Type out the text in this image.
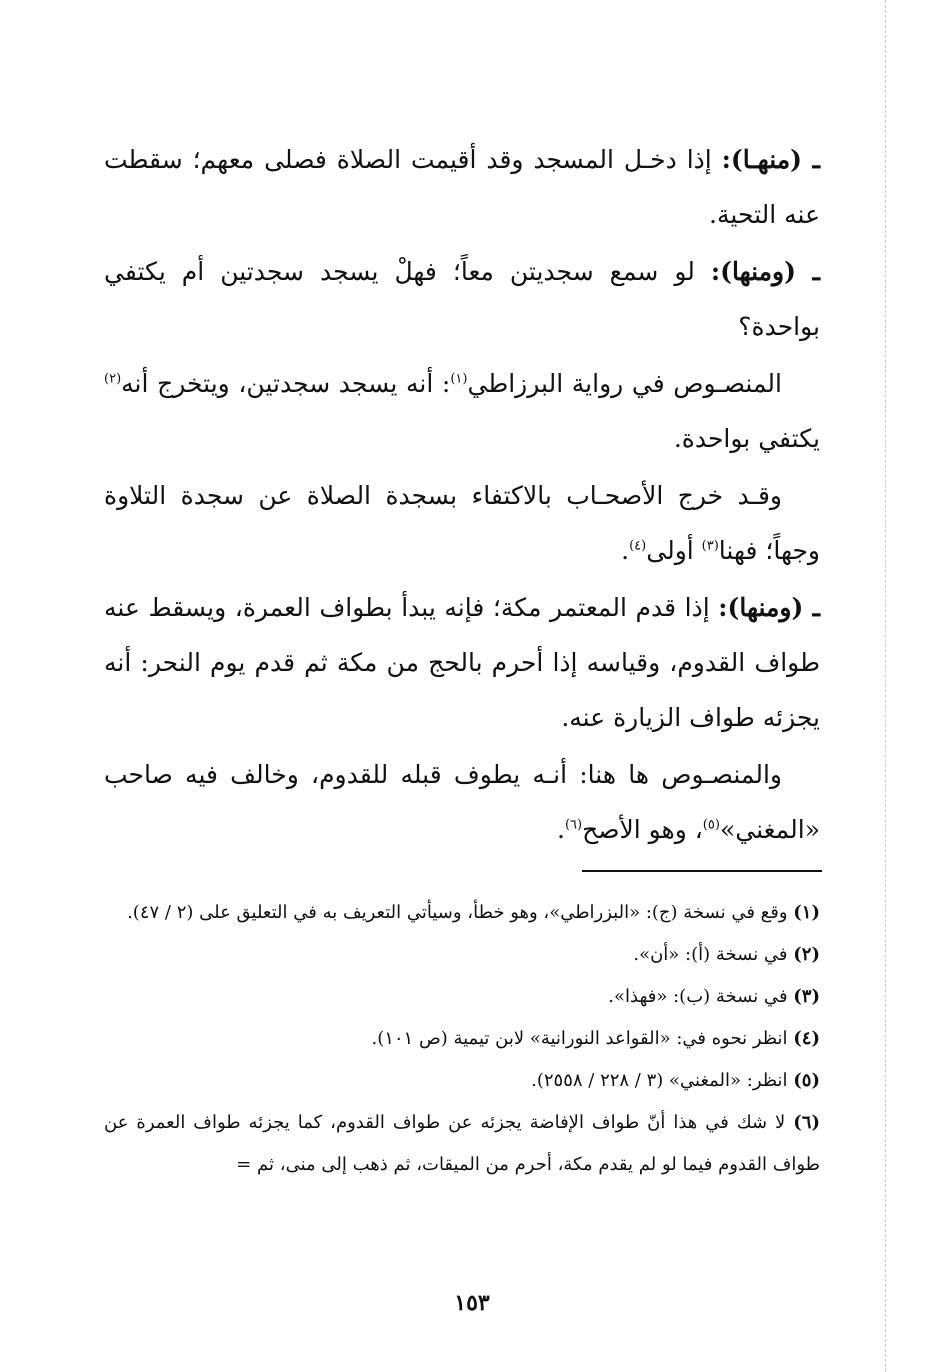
ـ (منهـا): إذا دخـل المسجد وقد أقيمت الصلاة فصلى معهم؛ سقطت عنه التحية.

ـ (ومنها): لو سمع سجديتن معاً؛ فهلْ يسجد سجدتين أم يكتفي بواحدة؟

المنصـوص في رواية البرزاطي$^{(١)}$: أنه يسجد سجدتين، ويتخرج أنه$^{(٢)}$ يكتفي بواحدة.

وقـد خرج الأصحـاب بالاكتفاء بسجدة الصلاة عن سجدة التلاوة وجهاً؛ فهنا$^{(٣)}$ أولى$^{(٤)}$.

ـ (ومنها): إذا قدم المعتمر مكة؛ فإنه يبدأ بطواف العمرة، ويسقط عنه طواف القدوم، وقياسه إذا أحرم بالحج من مكة ثم قدم يوم النحر: أنه يجزئه طواف الزيارة عنه.

والمنصـوص ها هنا: أنـه يطوف قبله للقدوم، وخالف فيه صاحب «المغني»$^{(٥)}$، وهو الأصح$^{(٦)}$.

(١) وقع في نسخة (ج): «البزراطي»، وهو خطأ، وسيأتي التعريف به في التعليق على (٢ / ٤٧).

(٢) في نسخة (أ): «أن».

(٣) في نسخة (ب): «فهذا».

(٤) انظر نحوه في: «القواعد النورانية» لابن تيمية (ص ١٠١).

(٥) انظر: «المغني» (٣ / ٢٢٨ / ٢٥٥٨).

(٦) لا شك في هذا أنّ طواف الإفاضة يجزئه عن طواف القدوم، كما يجزئه طواف العمرة عن طواف القدوم فيما لو لم يقدم مكة، أحرم من الميقات، ثم ذهب إلى منى، ثم =

١٥٣
